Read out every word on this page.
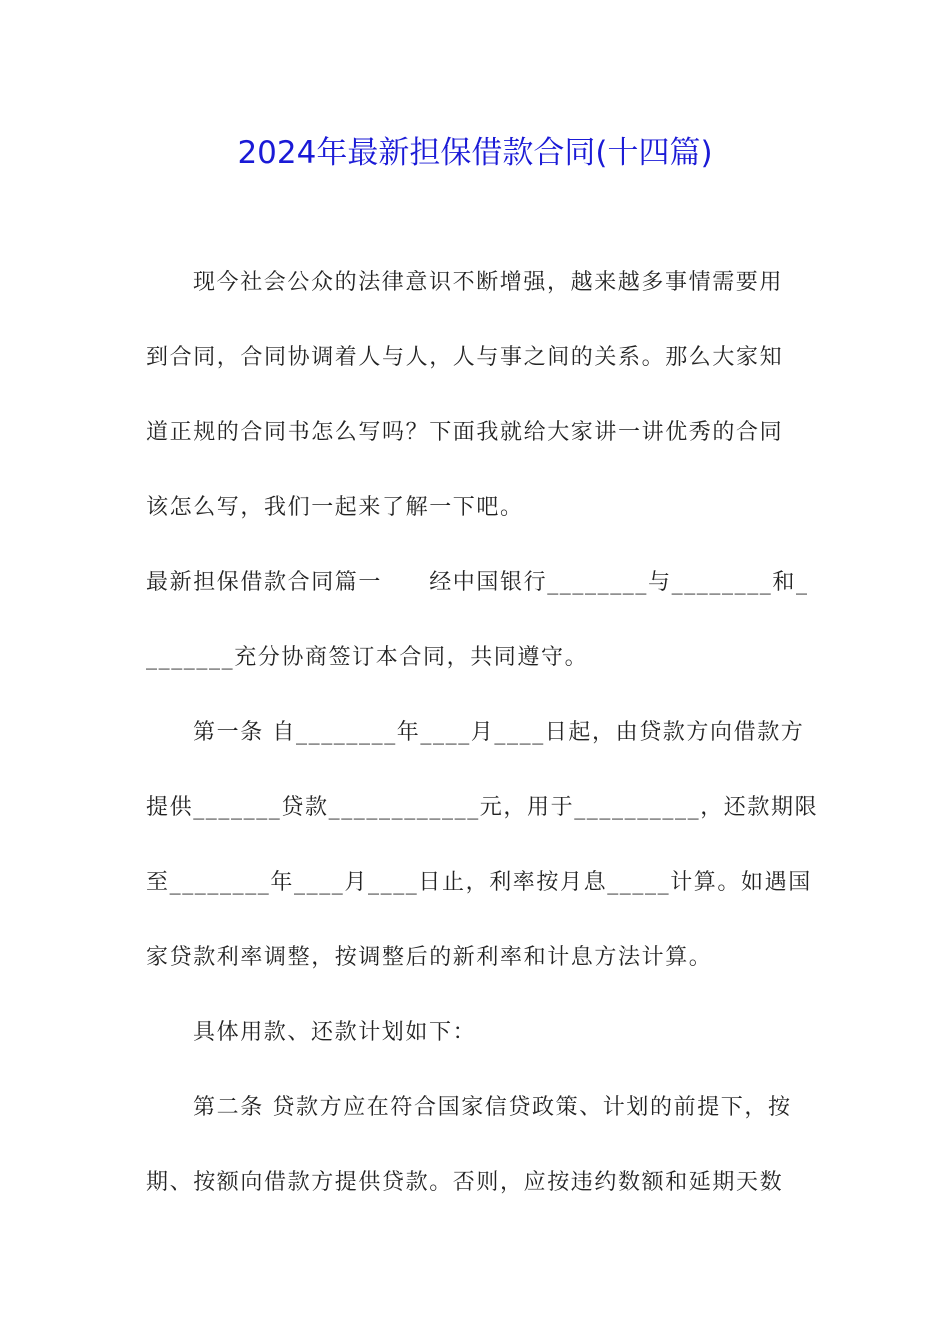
2024年最新担保借款合同(十四篇)
现今社会公众的法律意识不断增强，越来越多事情需要用
到合同，合同协调着人与人，人与事之间的关系。那么大家知
道正规的合同书怎么写吗？下面我就给大家讲一讲优秀的合同
该怎么写，我们一起来了解一下吧。
最新担保借款合同篇一　　经中国银行________与________和_
_______充分协商签订本合同，共同遵守。
第一条 自________年____月____日起，由贷款方向借款方
提供_______贷款____________元，用于__________，还款期限
至________年____月____日止，利率按月息_____计算。如遇国
家贷款利率调整，按调整后的新利率和计息方法计算。
具体用款、还款计划如下：
第二条 贷款方应在符合国家信贷政策、计划的前提下，按
期、按额向借款方提供贷款。否则，应按违约数额和延期天数
